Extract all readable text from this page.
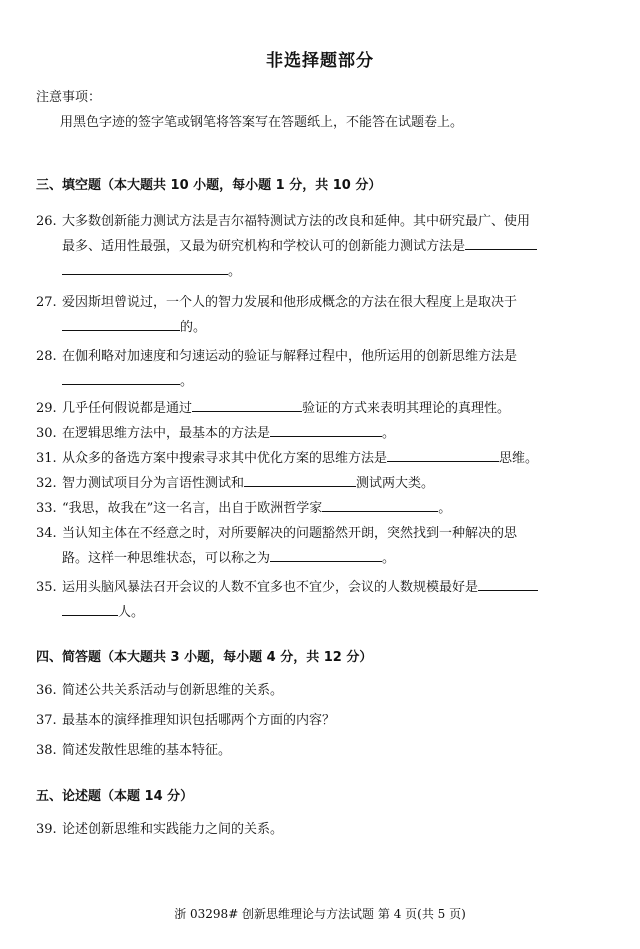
非选择题部分
注意事项：
用黑色字迹的签字笔或钢笔将答案写在答题纸上，不能答在试题卷上。
三、填空题（本大题共 10 小题，每小题 1 分，共 10 分）
26. 大多数创新能力测试方法是吉尔福特测试方法的改良和延伸。其中研究最广、使用
最多、适用性最强，又最为研究机构和学校认可的创新能力测试方法是
。
27. 爱因斯坦曾说过，一个人的智力发展和他形成概念的方法在很大程度上是取决于
的。
28. 在伽利略对加速度和匀速运动的验证与解释过程中，他所运用的创新思维方法是
。
29. 几乎任何假说都是通过	验证的方式来表明其理论的真理性。
30. 在逻辑思维方法中，最基本的方法是	。
31. 从众多的备选方案中搜索寻求其中优化方案的思维方法是	思维。
32. 智力测试项目分为言语性测试和	测试两大类。
33. “我思，故我在”这一名言，出自于欧洲哲学家	。
34. 当认知主体在不经意之时，对所要解决的问题豁然开朗，突然找到一种解决的思
路。这样一种思维状态，可以称之为	。
35. 运用头脑风暴法召开会议的人数不宜多也不宜少，会议的人数规模最好是
人。
四、简答题（本大题共 3 小题，每小题 4 分，共 12 分）
36. 简述公共关系活动与创新思维的关系。
37. 最基本的演绎推理知识包括哪两个方面的内容？
38. 简述发散性思维的基本特征。
五、论述题（本题 14 分）
39. 论述创新思维和实践能力之间的关系。
浙 03298# 创新思维理论与方法试题 第 4 页(共 5 页)
